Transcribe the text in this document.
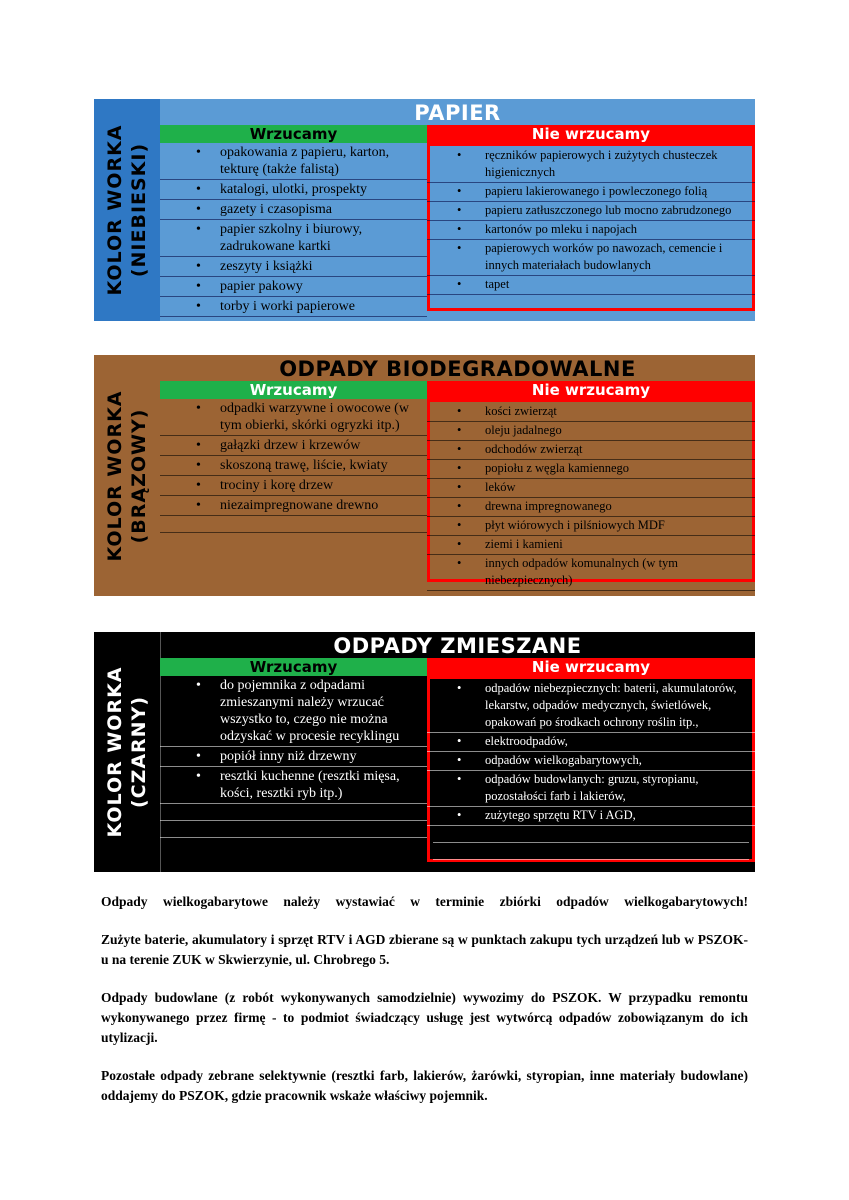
KOLOR WORKA (NIEBIESKI)
PAPIER
Wrzucamy	Nie wrzucamy
• opakowania z papieru, karton, tekturę (także falistą)
• katalogi, ulotki, prospekty
• gazety i czasopisma
• papier szkolny i biurowy, zadrukowane kartki
• zeszyty i książki
• papier pakowy
• torby i worki papierowe
• ręczników papierowych i zużytych chusteczek higienicznych
• papieru lakierowanego i powleczonego folią
• papieru zatłuszczonego lub mocno zabrudzonego
• kartonów po mleku i napojach
• papierowych worków po nawozach, cemencie i innych materiałach budowlanych
• tapet
KOLOR WORKA (BRĄZOWY)
ODPADY BIODEGRADOWALNE
Wrzucamy	Nie wrzucamy
• odpadki warzywne i owocowe (w tym obierki, skórki ogryzki itp.)
• gałązki drzew i krzewów
• skoszoną trawę, liście, kwiaty
• trociny i korę drzew
• niezaimpregnowane drewno
• kości zwierząt
• oleju jadalnego
• odchodów zwierząt
• popiołu z węgla kamiennego
• leków
• drewna impregnowanego
• płyt wiórowych i pilśniowych MDF
• ziemi i kamieni
• innych odpadów komunalnych (w tym niebezpiecznych)
KOLOR WORKA (CZARNY)
ODPADY ZMIESZANE
Wrzucamy	Nie wrzucamy
• do pojemnika z odpadami zmieszanymi należy wrzucać wszystko to, czego nie można odzyskać w procesie recyklingu
• popiół inny niż drzewny
• resztki kuchenne (resztki mięsa, kości, resztki ryb itp.)
• odpadów niebezpiecznych: baterii, akumulatorów, lekarstw, odpadów medycznych, świetlówek, opakowań po środkach ochrony roślin itp.,
• elektroodpadów,
• odpadów wielkogabarytowych,
• odpadów budowlanych: gruzu, styropianu, pozostałości farb i lakierów,
• zużytego sprzętu RTV i AGD,

Odpady wielkogabarytowe należy wystawiać w terminie zbiórki odpadów wielkogabarytowych!

Zużyte baterie, akumulatory i sprzęt RTV i AGD zbierane są w punktach zakupu tych urządzeń lub w PSZOK-u na terenie ZUK w Skwierzynie, ul. Chrobrego 5.

Odpady budowlane (z robót wykonywanych samodzielnie) wywozimy do PSZOK. W przypadku remontu wykonywanego przez firmę - to podmiot świadczący usługę jest wytwórcą odpadów zobowiązanym do ich utylizacji.

Pozostałe odpady zebrane selektywnie (resztki farb, lakierów, żarówki, styropian, inne materiały budowlane) oddajemy do PSZOK, gdzie pracownik wskaże właściwy pojemnik.
